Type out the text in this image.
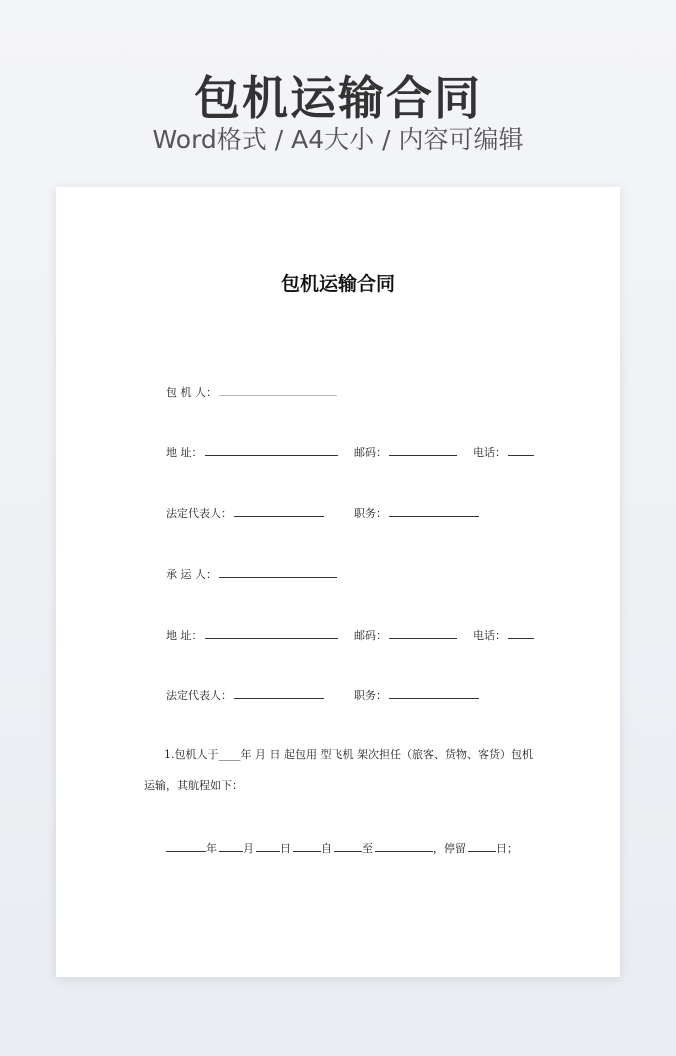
包机运输合同
Word格式 / A4大小 / 内容可编辑
包机运输合同
包 机 人：
地 址：	邮码：	电话：
法定代表人：	职务：
承 运 人：
地 址：	邮码：	电话：
法定代表人：	职务：
1.包机人于____年 月 日 起包用 型飞机 架次担任（旅客、货物、客货）包机
运输，其航程如下：
年 月 日	自	至	，停留	日；
